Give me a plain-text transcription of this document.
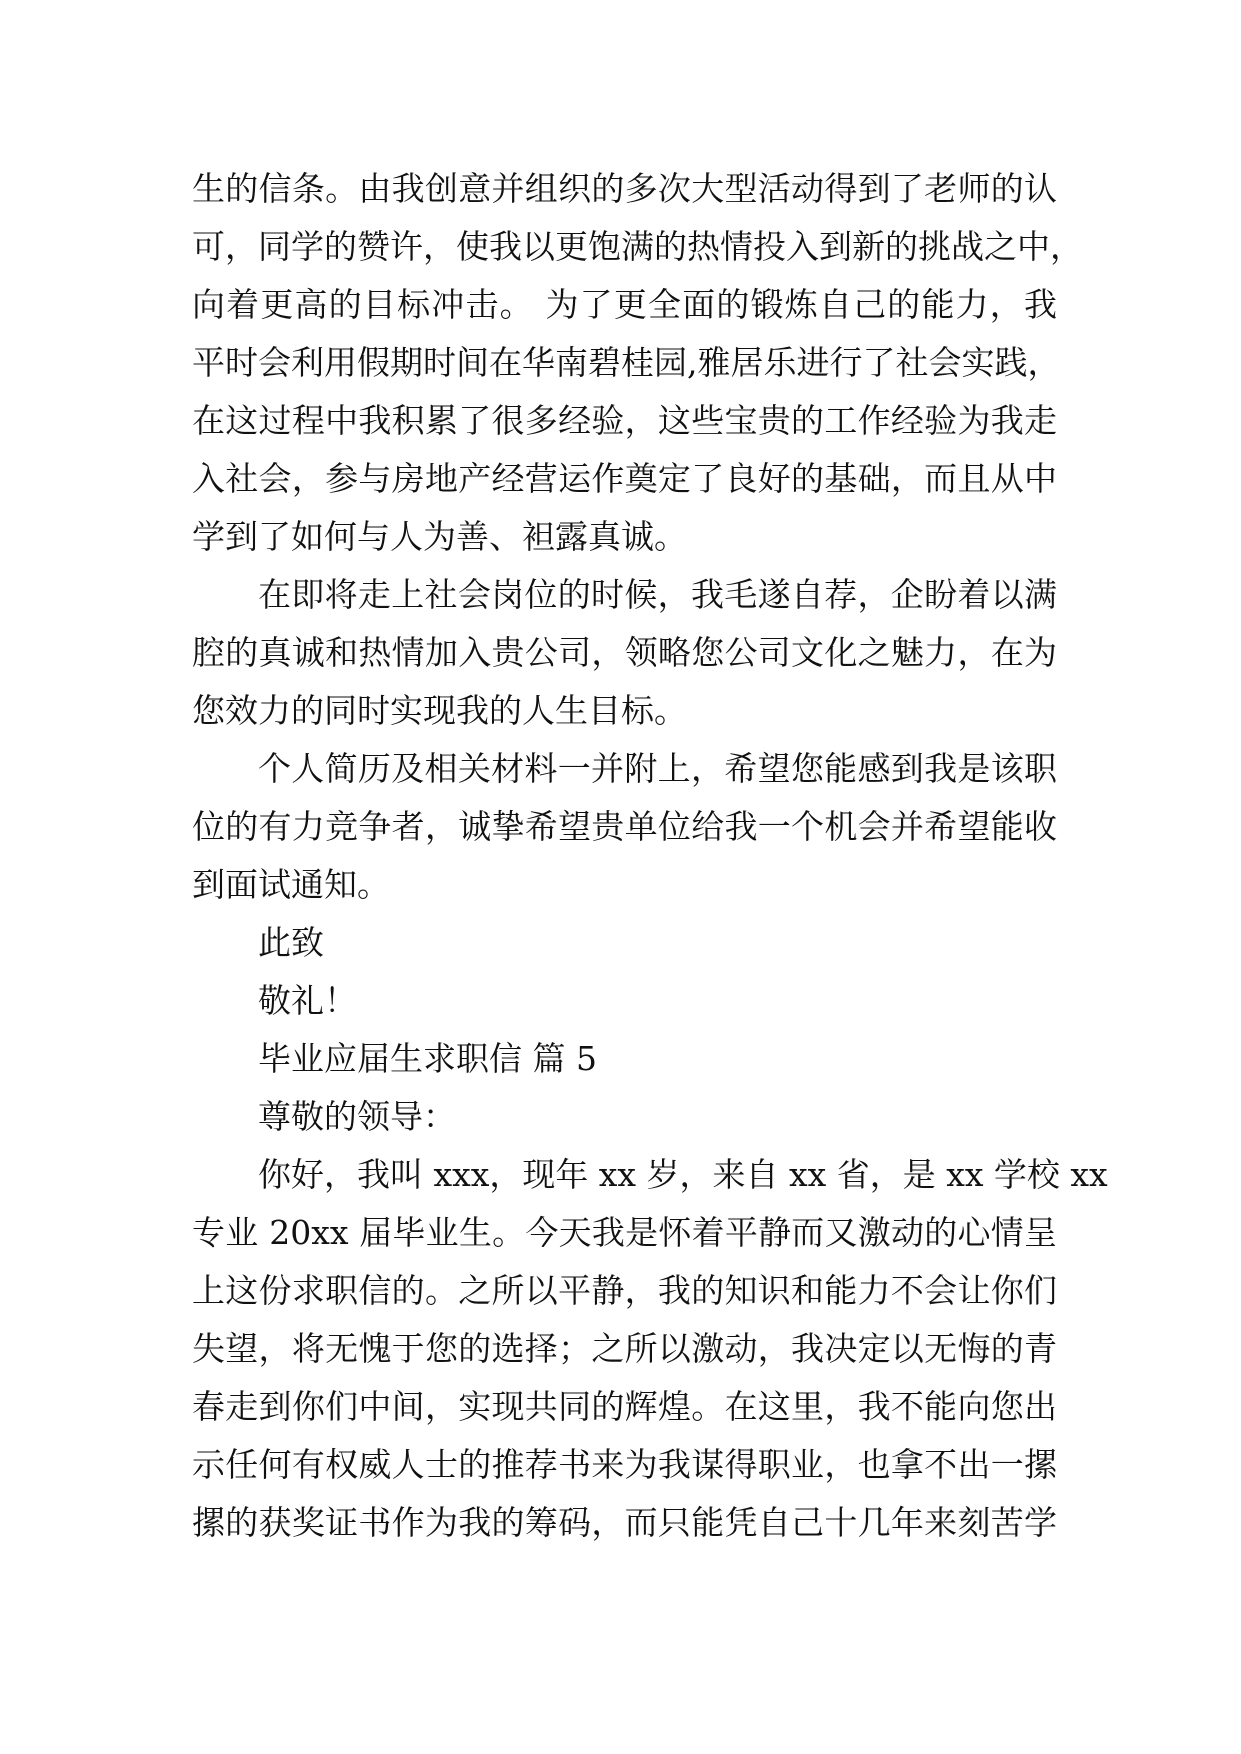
生的信条。由我创意并组织的多次大型活动得到了老师的认
可，同学的赞许，使我以更饱满的热情投入到新的挑战之中，
向着更高的目标冲击。 为了更全面的锻炼自己的能力，我
平时会利用假期时间在华南碧桂园,雅居乐进行了社会实践，
在这过程中我积累了很多经验，这些宝贵的工作经验为我走
入社会，参与房地产经营运作奠定了良好的基础，而且从中
学到了如何与人为善、袒露真诚。
在即将走上社会岗位的时候，我毛遂自荐，企盼着以满
腔的真诚和热情加入贵公司，领略您公司文化之魅力，在为
您效力的同时实现我的人生目标。
个人简历及相关材料一并附上，希望您能感到我是该职
位的有力竞争者，诚挚希望贵单位给我一个机会并希望能收
到面试通知。
此致
敬礼！
毕业应届生求职信 篇 5
尊敬的领导：
你好，我叫 xxx，现年 xx 岁，来自 xx 省，是 xx 学校 xx
专业 20xx 届毕业生。今天我是怀着平静而又激动的心情呈
上这份求职信的。之所以平静，我的知识和能力不会让你们
失望，将无愧于您的选择；之所以激动，我决定以无悔的青
春走到你们中间，实现共同的辉煌。在这里，我不能向您出
示任何有权威人士的推荐书来为我谋得职业，也拿不出一摞
摞的获奖证书作为我的筹码，而只能凭自己十几年来刻苦学
